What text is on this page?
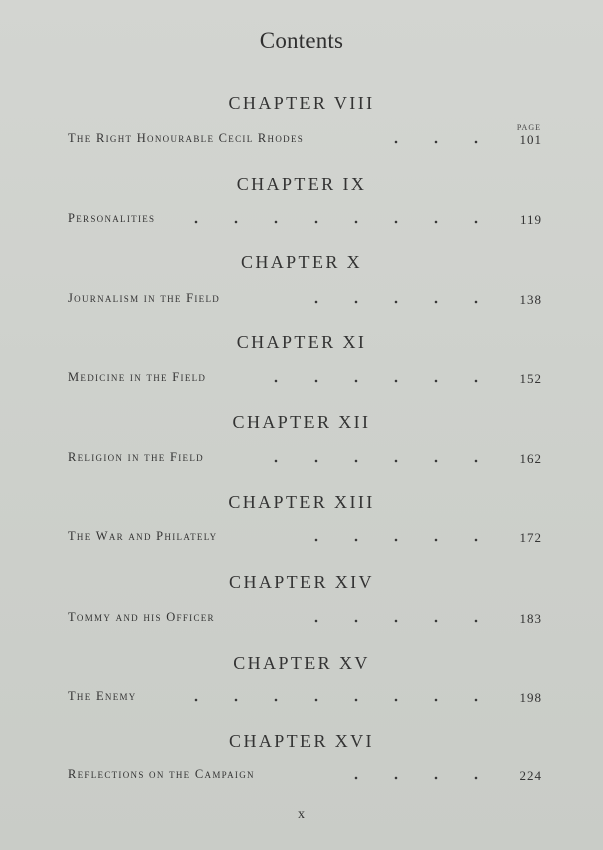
Contents
PAGE
CHAPTER VIII
The Right Honourable Cecil Rhodes	101
CHAPTER IX
Personalities	119
CHAPTER X
Journalism in the Field	138
CHAPTER XI
Medicine in the Field	152
CHAPTER XII
Religion in the Field	162
CHAPTER XIII
The War and Philately	172
CHAPTER XIV
Tommy and his Officer	183
CHAPTER XV
The Enemy	198
CHAPTER XVI
Reflections on the Campaign	224
x
